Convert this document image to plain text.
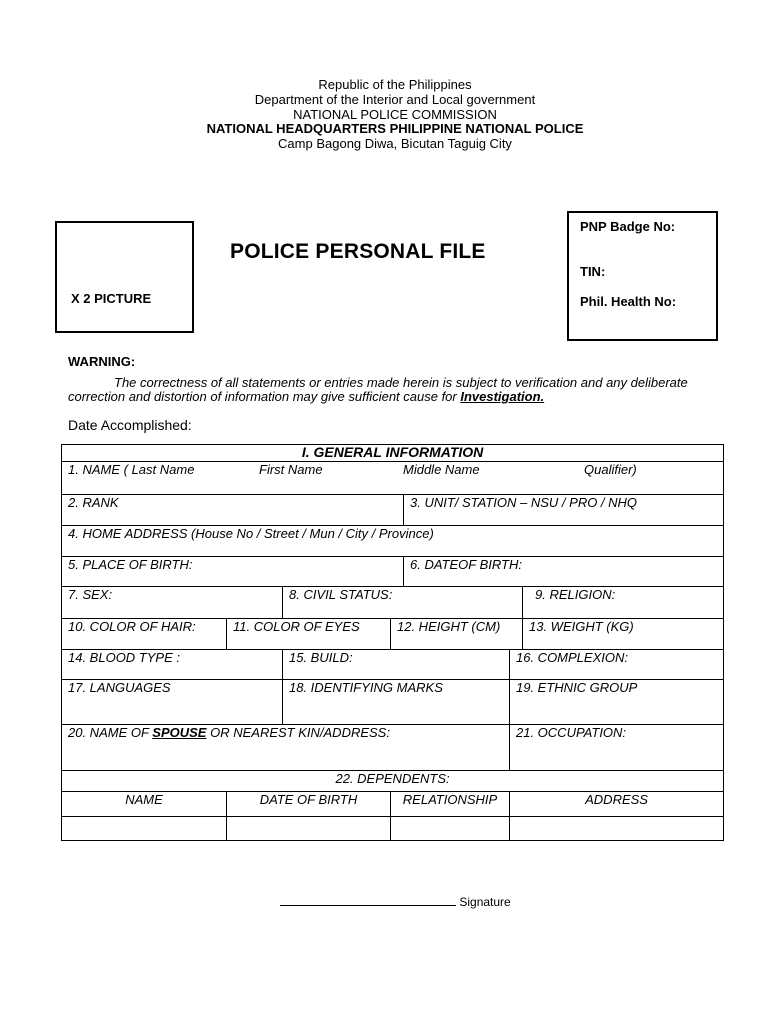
Republic of the Philippines
Department of the Interior and Local government
NATIONAL POLICE COMMISSION
NATIONAL HEADQUARTERS PHILIPPINE NATIONAL POLICE
Camp Bagong Diwa, Bicutan Taguig City
X 2 PICTURE
POLICE PERSONAL FILE
PNP Badge No:
TIN:
Phil. Health No:
WARNING:
The correctness of all statements or entries made herein is subject to verification and any deliberate correction and distortion of information may give sufficient cause for Investigation.
Date Accomplished:
I. GENERAL INFORMATION						

1. NAME ( Last Name First Name Middle Name Qualifier)						

2. RANK				3. UNIT/ STATION – NSU / PRO / NHQ		
4. HOME ADDRESS (House No / Street / Mun / City / Province)						
5. PLACE OF BIRTH:				6. DATEOF BIRTH:		
7. SEX:		8. CIVIL STATUS:				9. RELIGION:
10. COLOR OF HAIR:	11. COLOR OF EYES		12. HEIGHT (CM)			13. WEIGHT (KG)
14. BLOOD TYPE :		15. BUILD:			16. COMPLEXION:	
17. LANGUAGES		18. IDENTIFYING MARKS			19. ETHNIC GROUP	
20. NAME OF SPOUSE OR NEAREST KIN/ADDRESS:					21. OCCUPATION:	
22. DEPENDENTS:						
NAME	DATE OF BIRTH		RELATIONSHIP		ADDRESS	

Signature
